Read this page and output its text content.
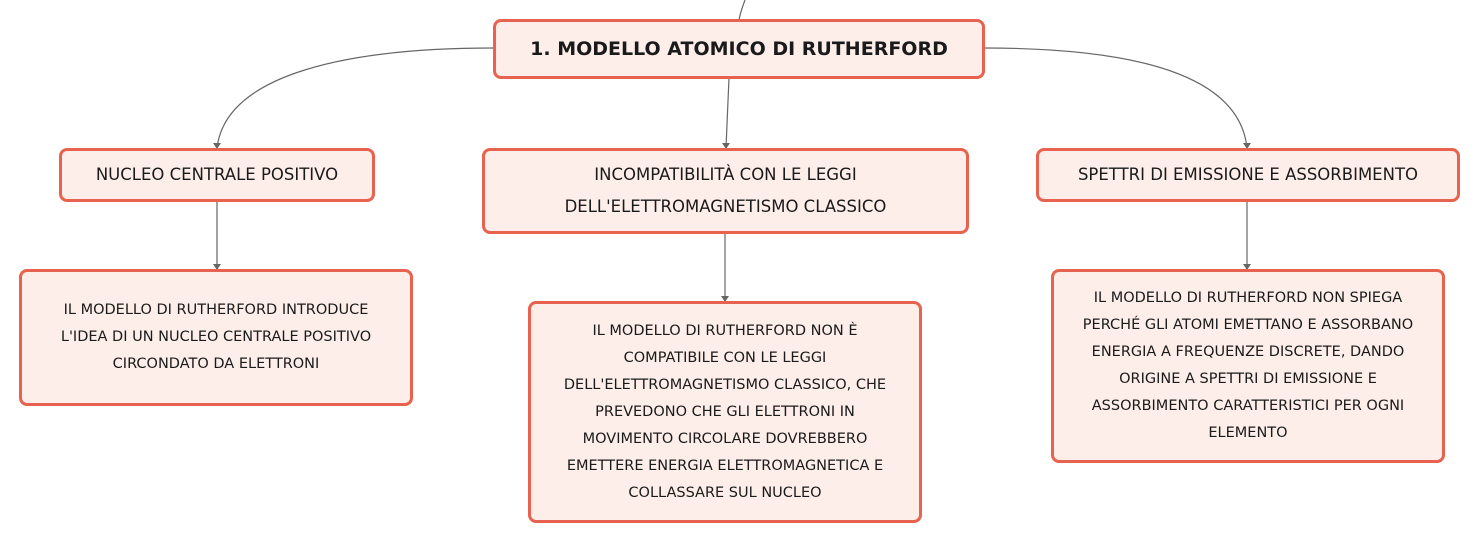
1. MODELLO ATOMICO DI RUTHERFORD
NUCLEO CENTRALE POSITIVO	INCOMPATIBILITÀ CON LE LEGGI
DELL'ELETTROMAGNETISMO CLASSICO
SPETTRI DI EMISSIONE E ASSORBIMENTO
IL MODELLO DI RUTHERFORD INTRODUCE
L'IDEA DI UN NUCLEO CENTRALE POSITIVO
CIRCONDATO DA ELETTRONI
IL MODELLO DI RUTHERFORD NON È
COMPATIBILE CON LE LEGGI
DELL'ELETTROMAGNETISMO CLASSICO, CHE
PREVEDONO CHE GLI ELETTRONI IN
MOVIMENTO CIRCOLARE DOVREBBERO
EMETTERE ENERGIA ELETTROMAGNETICA E
COLLASSARE SUL NUCLEO
IL MODELLO DI RUTHERFORD NON SPIEGA
PERCHÉ GLI ATOMI EMETTANO E ASSORBANO
ENERGIA A FREQUENZE DISCRETE, DANDO
ORIGINE A SPETTRI DI EMISSIONE E
ASSORBIMENTO CARATTERISTICI PER OGNI
ELEMENTO
